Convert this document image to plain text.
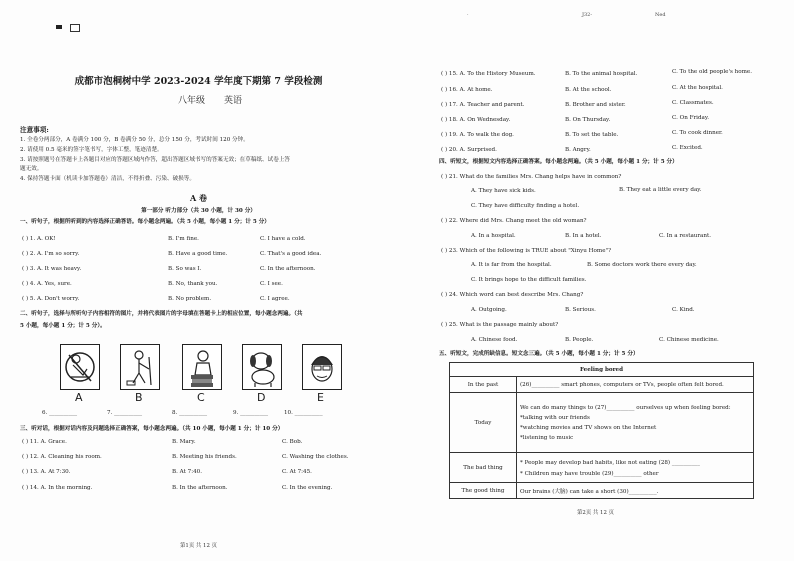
成都市泡桐树中学 2023-2024 学年度下期第 7 学段检测
八年级 英语
注意事项:
1. 全卷分两部分，A 卷满分 100 分，B 卷满分 50 分，总分 150 分，考试时间 120 分钟。
2. 请使用 0.5 毫米的签字笔书写，字体工整，笔迹清楚。
3. 请按照题号在答题卡上各题目对应的答题区域内作答，超出答题区域书写的答案无效；在草稿纸、试卷上答
题无效。
4. 保持答题卡面（机读卡加答题卷）清洁，不得折叠、污染、破损等。
A 卷
第一部分 听力部分（共 30 小题，计 30 分）
一、听句子，根据所听到的内容选择正确答语。每小题念两遍。（共 5 小题，每小题 1 分；计 5 分）
( ) 1. A. OK!	B. I'm fine.	C. I have a cold.
( ) 2. A. I'm so sorry.	B. Have a good time.	C. That's a good idea.
( ) 3. A. It was heavy.	B. So was I.	C. In the afternoon.
( ) 4. A. Yes, sure.	B. No, thank you.	C. I see.
( ) 5. A. Don't worry.	B. No problem.	C. I agree.
二、听句子，选择与所听句子内容相符的图片，并将代表图片的字母填在答题卡上的相应位置，每小题念两遍。（共
5 小题，每小题 1 分；计 5 分）。
A	B	C	D	E
6. __________	7. __________	8. __________	9. __________	10. __________
三、听对话，根据对话内容及问题选择正确答案，每小题念两遍。（共 10 小题，每小题 1 分；计 10 分）
( ) 11. A. Grace.	B. Mary.	C. Bob.
( ) 12. A. Cleaning his room.	B. Meeting his friends.	C. Washing the clothes.
( ) 13. A. At 7:30.	B. At 7:40.	C. At 7:45.
( ) 14. A. In the morning.	B. In the afternoon.	C. In the evening.
第1页 共 12 页
·	J32-	Ned
( ) 15. A. To the History Museum.	B. To the animal hospital.	C. To the old people's home.
( ) 16. A. At home.	B. At the school.	C. At the hospital.
( ) 17. A. Teacher and parent.	B. Brother and sister.	C. Classmates.
( ) 18. A. On Wednesday.	B. On Thursday.	C. On Friday.
( ) 19. A. To walk the dog.	B. To set the table.	C. To cook dinner.
( ) 20. A. Surprised.	B. Angry.	C. Excited.
四、听短文，根据短文内容选择正确答案。每小题念两遍。（共 5 小题，每小题 1 分；计 5 分）
( ) 21. What do the families Mrs. Chang helps have in common?
A. They have sick kids.	B. They eat a little every day.
C. They have difficulty finding a hotel.
( ) 22. Where did Mrs. Chang meet the old woman?
A. In a hospital.	B. In a hotel.	C. In a restaurant.
( ) 23. Which of the following is TRUE about "Xinyu Home"?
A. It is far from the hospital.	B. Some doctors work there every day.
C. It brings hope to the difficult families.
( ) 24. Which word can best describe Mrs. Chang?
A. Outgoing.	B. Serious.	C. Kind.
( ) 25. What is the passage mainly about?
A. Chinese food.	B. People.	C. Chinese medicine.
五、听短文，完成所缺信息。短文念三遍。（共 5 小题，每小题 1 分；计 5 分）
Feeling bored	
In the past	(26)__________ smart phones, computers or TVs, people often felt bored.
Today	We can do many things to (27)__________ ourselves up when feeling bored:
*talking with our friends
*watching movies and TV shows on the Internet
*listening to music

The bad thing	* People may develop bad habits, like not eating (28) __________
* Children may have trouble (29)__________ other

The good thing	Our brains (大脑) can take a short (30)__________.
第2页 共 12 页
